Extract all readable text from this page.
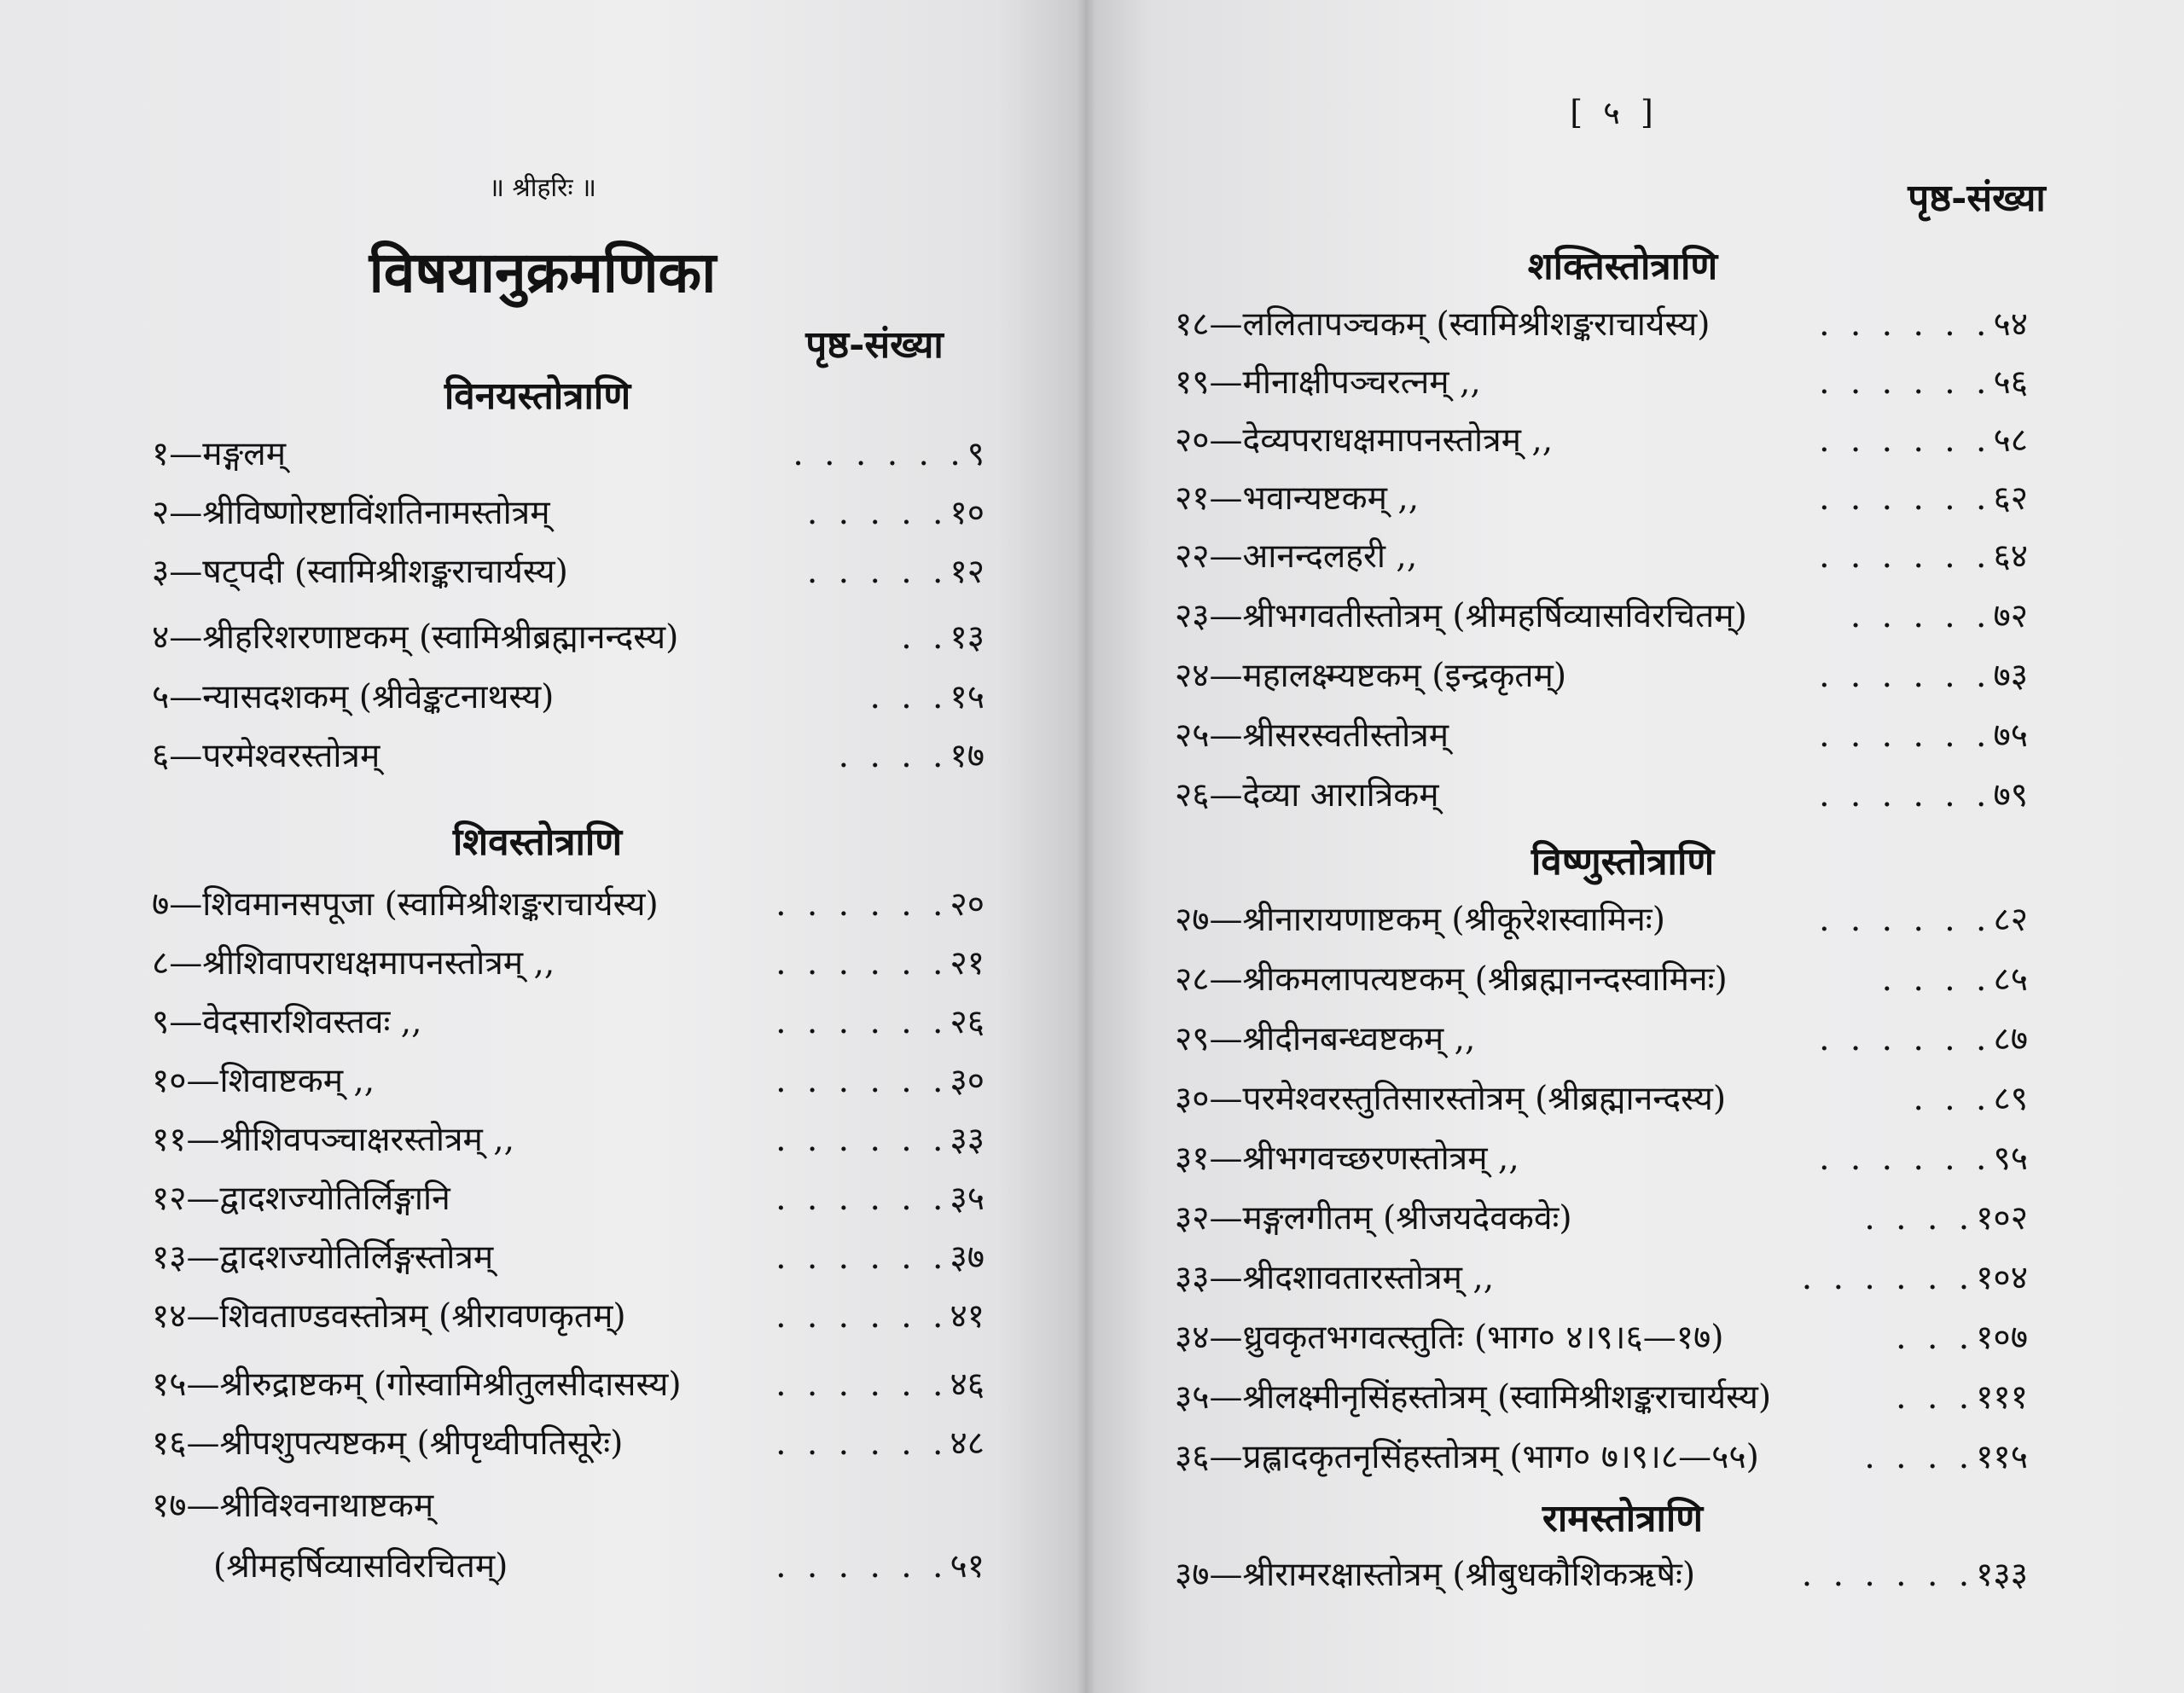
॥ श्रीहरिः ॥
विषयानुक्रमणिका
पृष्ठ-संख्या
विनयस्तोत्राणि
१—मङ्गलम्	. . . . . .९
२—श्रीविष्णोरष्टाविंशतिनामस्तोत्रम्	. . . . .१०
३—षट्पदी (स्वामिश्रीशङ्कराचार्यस्य)	. . . . .१२
४—श्रीहरिशरणाष्टकम् (स्वामिश्रीब्रह्मानन्दस्य)	. .१३
५—न्यासदशकम् (श्रीवेङ्कटनाथस्य)	. . .१५
६—परमेश्वरस्तोत्रम्	. . . .१७
शिवस्तोत्राणि
७—शिवमानसपूजा (स्वामिश्रीशङ्कराचार्यस्य)	. . . . . .२०
८—श्रीशिवापराधक्षमापनस्तोत्रम् ,,	. . . . . .२१
९—वेदसारशिवस्तवः ,,	. . . . . .२६
१०—शिवाष्टकम् ,,	. . . . . .३०
११—श्रीशिवपञ्चाक्षरस्तोत्रम् ,,	. . . . . .३३
१२—द्वादशज्योतिर्लिङ्गानि	. . . . . .३५
१३—द्वादशज्योतिर्लिङ्गस्तोत्रम्	. . . . . .३७
१४—शिवताण्डवस्तोत्रम् (श्रीरावणकृतम्)	. . . . . .४१
१५—श्रीरुद्राष्टकम् (गोस्वामिश्रीतुलसीदासस्य)	. . . . . .४६
१६—श्रीपशुपत्यष्टकम् (श्रीपृथ्वीपतिसूरेः)	. . . . . .४८
१७—श्रीविश्वनाथाष्टकम्
(श्रीमहर्षिव्यासविरचितम्)	. . . . . .५१
[ ५ ]
पृष्ठ-संख्या
शक्तिस्तोत्राणि
१८—ललितापञ्चकम् (स्वामिश्रीशङ्कराचार्यस्य)	. . . . . .५४
१९—मीनाक्षीपञ्चरत्नम् ,,	. . . . . .५६
२०—देव्यपराधक्षमापनस्तोत्रम् ,,	. . . . . .५८
२१—भवान्यष्टकम् ,,	. . . . . .६२
२२—आनन्दलहरी ,,	. . . . . .६४
२३—श्रीभगवतीस्तोत्रम् (श्रीमहर्षिव्यासविरचितम्)	. . . . .७२
२४—महालक्ष्म्यष्टकम् (इन्द्रकृतम्)	. . . . . .७३
२५—श्रीसरस्वतीस्तोत्रम्	. . . . . .७५
२६—देव्या आरात्रिकम्	. . . . . .७९
विष्णुस्तोत्राणि
२७—श्रीनारायणाष्टकम् (श्रीकूरेशस्वामिनः)	. . . . . .८२
२८—श्रीकमलापत्यष्टकम् (श्रीब्रह्मानन्दस्वामिनः)	. . . .८५
२९—श्रीदीनबन्ध्वष्टकम् ,,	. . . . . .८७
३०—परमेश्वरस्तुतिसारस्तोत्रम् (श्रीब्रह्मानन्दस्य)	. . .८९
३१—श्रीभगवच्छरणस्तोत्रम् ,,	. . . . . .९५
३२—मङ्गलगीतम् (श्रीजयदेवकवेः)	. . . .१०२
३३—श्रीदशावतारस्तोत्रम् ,,	. . . . . .१०४
३४—ध्रुवकृतभगवत्स्तुतिः (भाग० ४।९।६—१७)	. . .१०७
३५—श्रीलक्ष्मीनृसिंहस्तोत्रम् (स्वामिश्रीशङ्कराचार्यस्य)	. . .१११
३६—प्रह्लादकृतनृसिंहस्तोत्रम् (भाग० ७।९।८—५५)	. . . .११५
रामस्तोत्राणि
३७—श्रीरामरक्षास्तोत्रम् (श्रीबुधकौशिकऋषेः)	. . . . . .१३३
